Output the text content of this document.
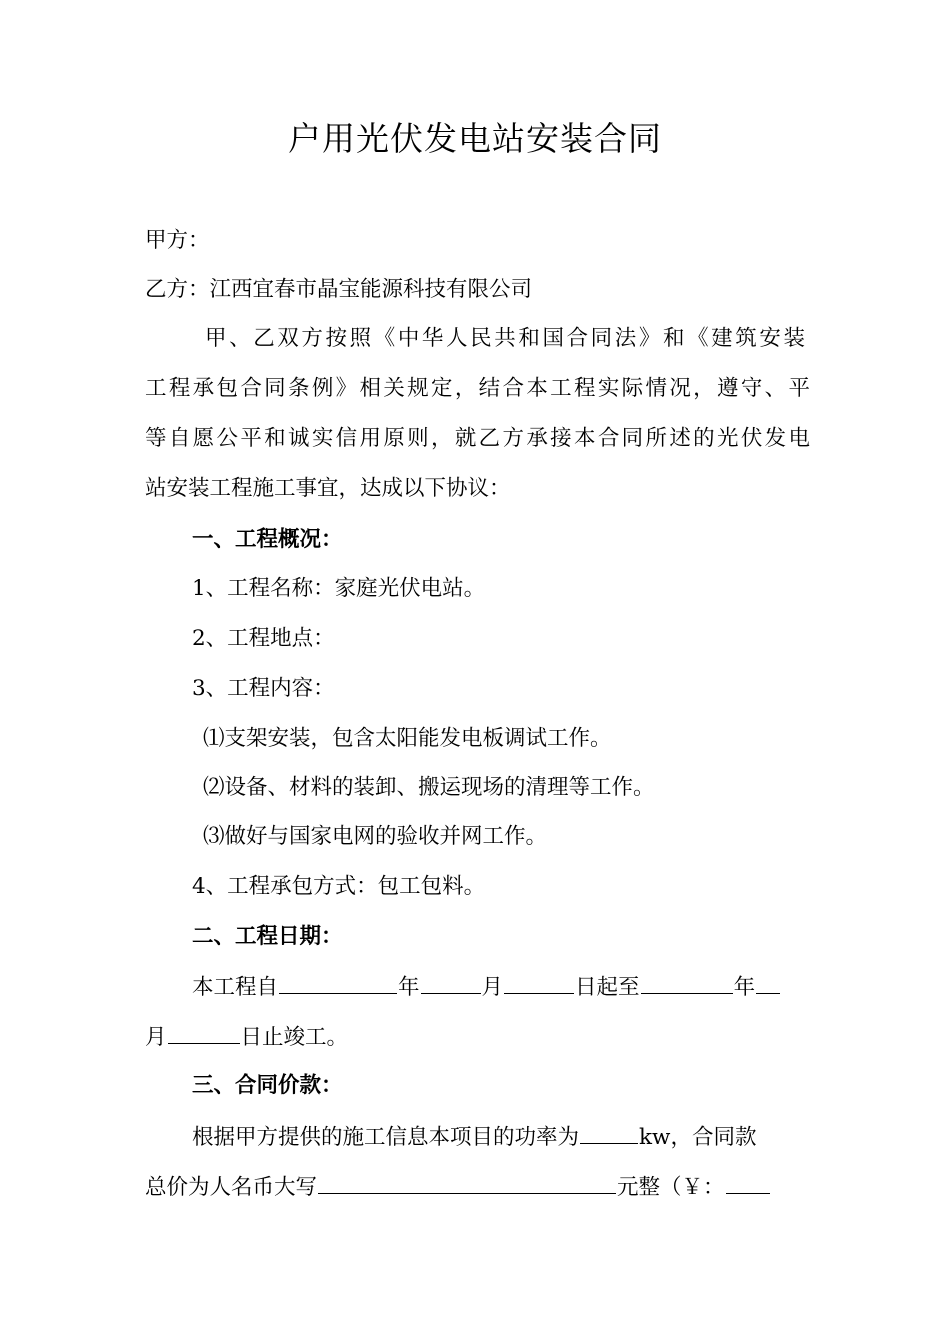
户用光伏发电站安装合同
甲方：
乙方：江西宜春市晶宝能源科技有限公司
甲、乙双方按照《中华人民共和国合同法》和《建筑安装
工程承包合同条例》相关规定，结合本工程实际情况，遵守、平
等自愿公平和诚实信用原则，就乙方承接本合同所述的光伏发电
站安装工程施工事宜，达成以下协议：
一、工程概况：
1、工程名称：家庭光伏电站。
2、工程地点：
3、工程内容：
⑴支架安装，包含太阳能发电板调试工作。
⑵设备、材料的装卸、搬运现场的清理等工作。
⑶做好与国家电网的验收并网工作。
4、工程承包方式：包工包料。
二、工程日期：
本工程自	年	月	日起至	年
月	日止竣工。
三、合同价款：
根据甲方提供的施工信息本项目的功率为	kw，合同款
总价为人名币大写	元整（￥：
